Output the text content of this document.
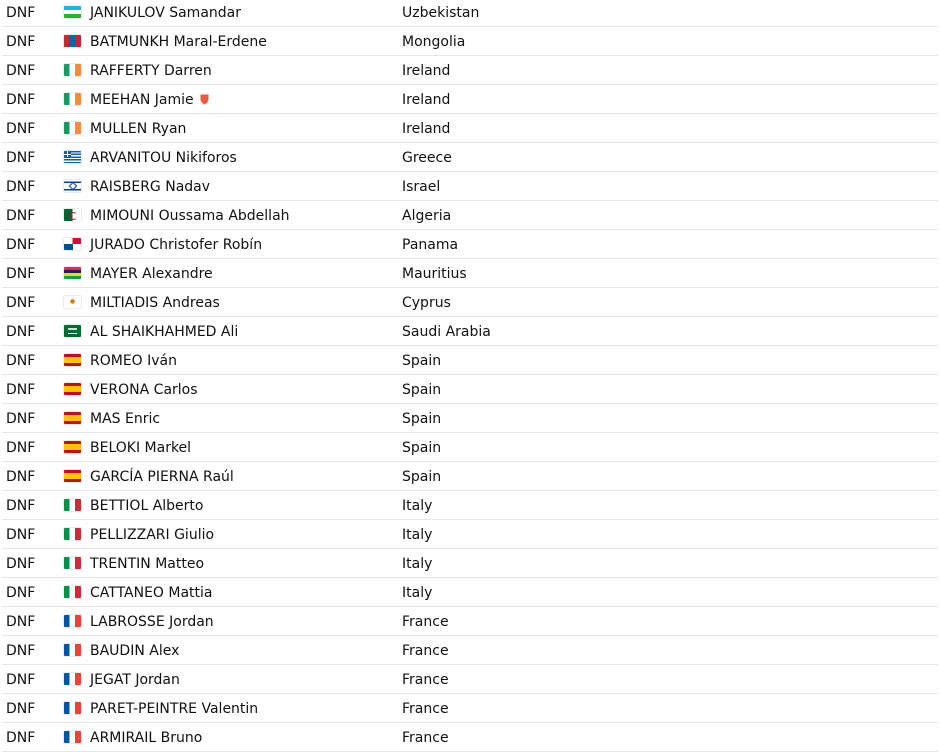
DNF	JANIKULOV Samandar	Uzbekistan
DNF	BATMUNKH Maral-Erdene	Mongolia
DNF	RAFFERTY Darren	Ireland
DNF	MEEHAN Jamie	Ireland
DNF	MULLEN Ryan	Ireland
DNF	ARVANITOU Nikiforos	Greece
DNF	RAISBERG Nadav	Israel
DNF	MIMOUNI Oussama Abdellah	Algeria
DNF	JURADO Christofer Robín	Panama
DNF	MAYER Alexandre	Mauritius
DNF	MILTIADIS Andreas	Cyprus
DNF	AL SHAIKHAHMED Ali	Saudi Arabia
DNF	ROMEO Iván	Spain
DNF	VERONA Carlos	Spain
DNF	MAS Enric	Spain
DNF	BELOKI Markel	Spain
DNF	GARCÍA PIERNA Raúl	Spain
DNF	BETTIOL Alberto	Italy
DNF	PELLIZZARI Giulio	Italy
DNF	TRENTIN Matteo	Italy
DNF	CATTANEO Mattia	Italy
DNF	LABROSSE Jordan	France
DNF	BAUDIN Alex	France
DNF	JEGAT Jordan	France
DNF	PARET-PEINTRE Valentin	France
DNF	ARMIRAIL Bruno	France
